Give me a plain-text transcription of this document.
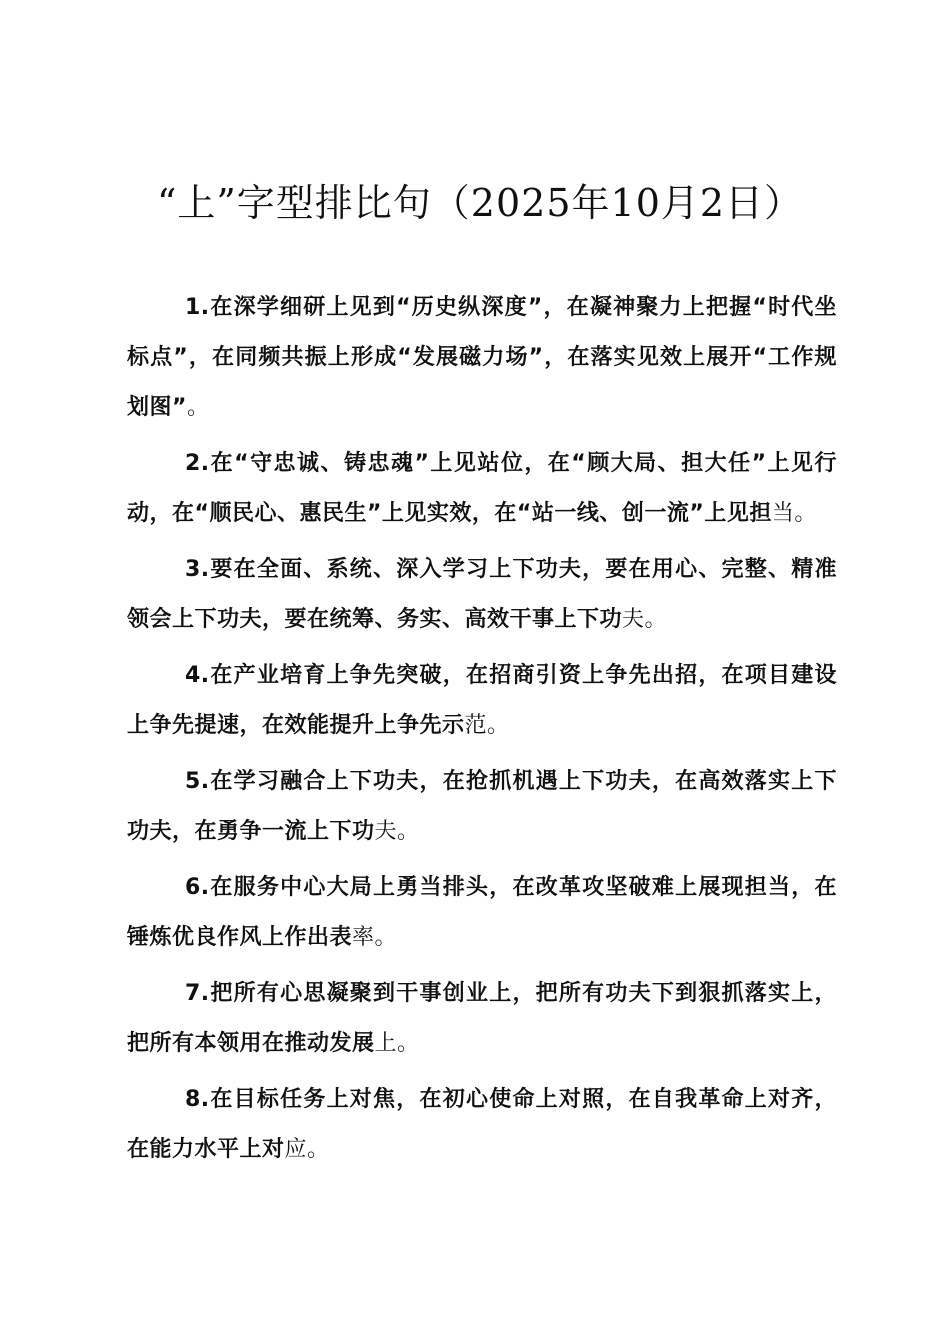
“上”字型排比句（2025年10月2日）

1.在深学细研上见到“历史纵深度”，在凝神聚力上把握“时代坐标点”，在同频共振上形成“发展磁力场”，在落实见效上展开“工作规划图”。

2.在“守忠诚、铸忠魂”上见站位，在“顾大局、担大任”上见行动，在“顺民心、惠民生”上见实效，在“站一线、创一流”上见担当。

3.要在全面、系统、深入学习上下功夫，要在用心、完整、精准领会上下功夫，要在统筹、务实、高效干事上下功夫。

4.在产业培育上争先突破，在招商引资上争先出招，在项目建设上争先提速，在效能提升上争先示范。

5.在学习融合上下功夫，在抢抓机遇上下功夫，在高效落实上下功夫，在勇争一流上下功夫。

6.在服务中心大局上勇当排头，在改革攻坚破难上展现担当，在锤炼优良作风上作出表率。

7.把所有心思凝聚到干事创业上，把所有功夫下到狠抓落实上，把所有本领用在推动发展上。

8.在目标任务上对焦，在初心使命上对照，在自我革命上对齐，在能力水平上对应。
